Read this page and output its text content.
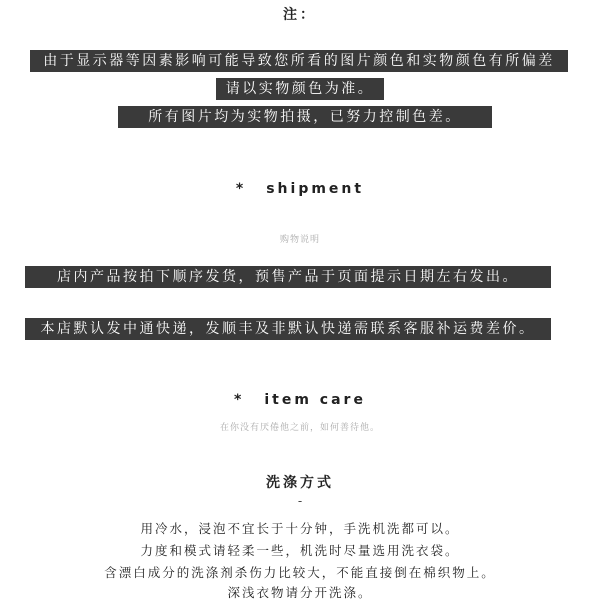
注：
由于显示器等因素影响可能导致您所看的图片颜色和实物颜色有所偏差
请以实物颜色为准。
所有图片均为实物拍摄，已努力控制色差。
* shipment
购物说明
店内产品按拍下顺序发货，预售产品于页面提示日期左右发出。
本店默认发中通快递，发顺丰及非默认快递需联系客服补运费差价。
* item care
在你没有厌倦他之前，如何善待他。
洗涤方式
-
用冷水，浸泡不宜长于十分钟，手洗机洗都可以。
力度和模式请轻柔一些，机洗时尽量选用洗衣袋。
含漂白成分的洗涤剂杀伤力比较大，不能直接倒在棉织物上。
深浅衣物请分开洗涤。
